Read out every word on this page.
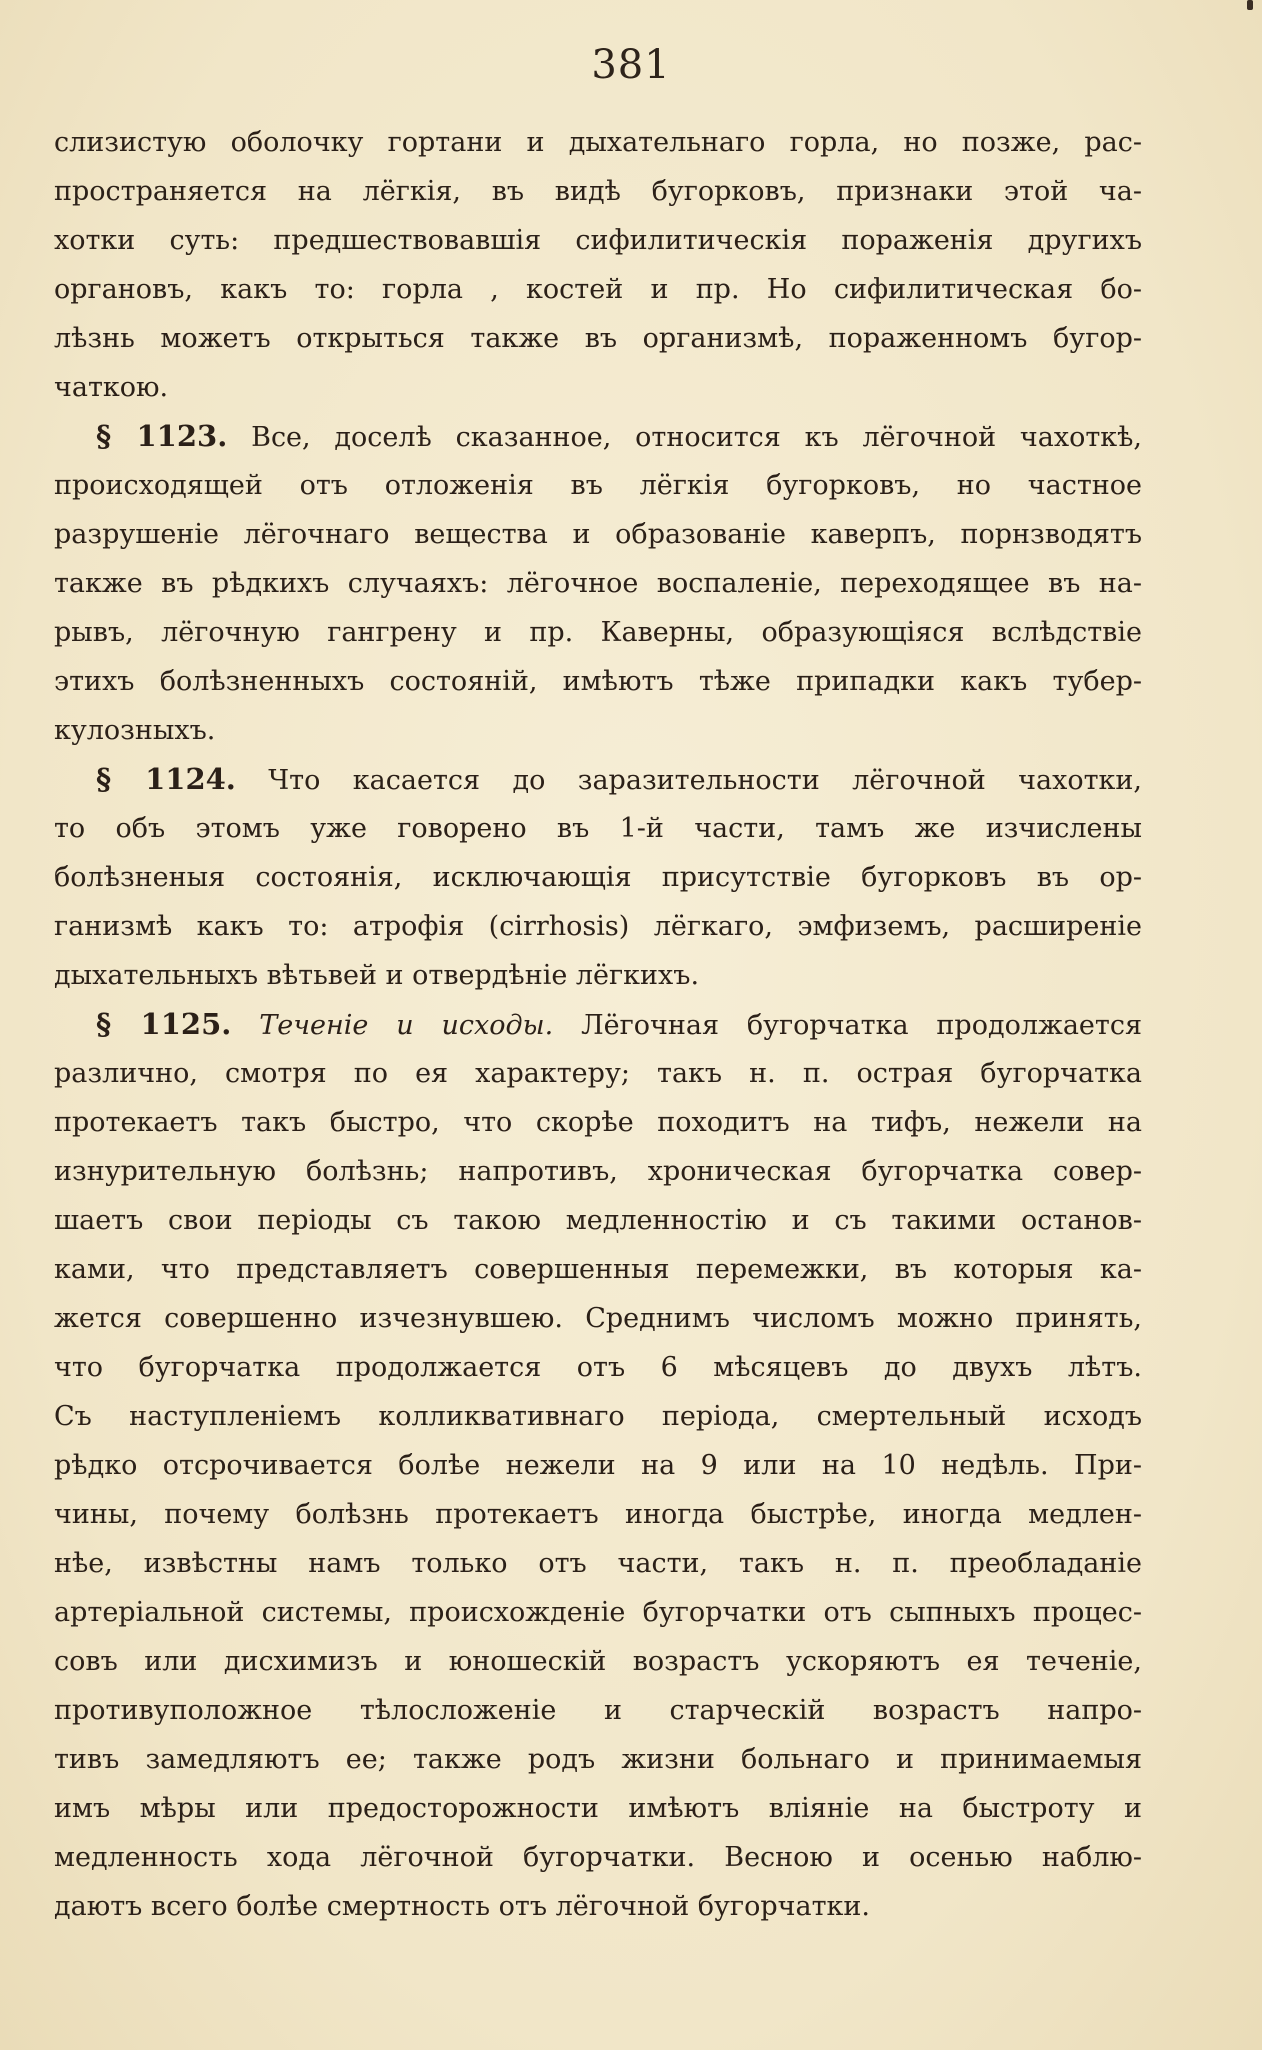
381
слизистую оболочку гортани и дыхательнаго горла, но позже, рас-
пространяется на лёгкія, въ видѣ бугорковъ, признаки этой ча-
хотки суть: предшествовавшія сифилитическія пораженія другихъ
органовъ, какъ то: горла , костей и пр. Но сифилитическая бо-
лѣзнь можетъ открыться также въ организмѣ, пораженномъ бугор-
чаткою.
§ 1123. Все, доселѣ сказанное, относится къ лёгочной чахоткѣ,
происходящей отъ отложенія въ лёгкія бугорковъ, но частное
разрушеніе лёгочнаго вещества и образованіе каверпъ, порнзводятъ
также въ рѣдкихъ случаяхъ: лёгочное воспаленіе, переходящее въ на-
рывъ, лёгочную гангрену и пр. Каверны, образующіяся вслѣдствіе
этихъ болѣзненныхъ состояній, имѣютъ тѣже припадки какъ тубер-
кулозныхъ.
§ 1124. Что касается до заразительности лёгочной чахотки,
то объ этомъ уже говорено въ 1-й части, тамъ же изчислены
болѣзненыя состоянія, исключающія присутствіе бугорковъ въ ор-
ганизмѣ какъ то: атрофія (cirrhosis) лёгкаго, эмфиземъ, расширеніе
дыхательныхъ вѣтьвей и отвердѣніе лёгкихъ.
§ 1125. Теченіе и исходы. Лёгочная бугорчатка продолжается
различно, смотря по ея характеру; такъ н. п. острая бугорчатка
протекаетъ такъ быстро, что скорѣе походитъ на тифъ, нежели на
изнурительную болѣзнь; напротивъ, хроническая бугорчатка совер-
шаетъ свои періоды съ такою медленностію и съ такими останов-
ками, что представляетъ совершенныя перемежки, въ которыя ка-
жется совершенно изчезнувшею. Среднимъ числомъ можно принять,
что бугорчатка продолжается отъ 6 мѣсяцевъ до двухъ лѣтъ.
Съ наступленіемъ колликвативнаго періода, смертельный исходъ
рѣдко отсрочивается болѣе нежели на 9 или на 10 недѣль. При-
чины, почему болѣзнь протекаетъ иногда быстрѣе, иногда медлен-
нѣе, извѣстны намъ только отъ части, такъ н. п. преобладаніе
артеріальной системы, происхожденіе бугорчатки отъ сыпныхъ процес-
совъ или дисхимизъ и юношескій возрастъ ускоряютъ ея теченіе,
противуположное тѣлосложеніе и старческій возрастъ напро-
тивъ замедляютъ ее; также родъ жизни больнаго и принимаемыя
имъ мѣры или предосторожности имѣютъ вліяніе на быстроту и
медленность хода лёгочной бугорчатки. Весною и осенью наблю-
даютъ всего болѣе смертность отъ лёгочной бугорчатки.
